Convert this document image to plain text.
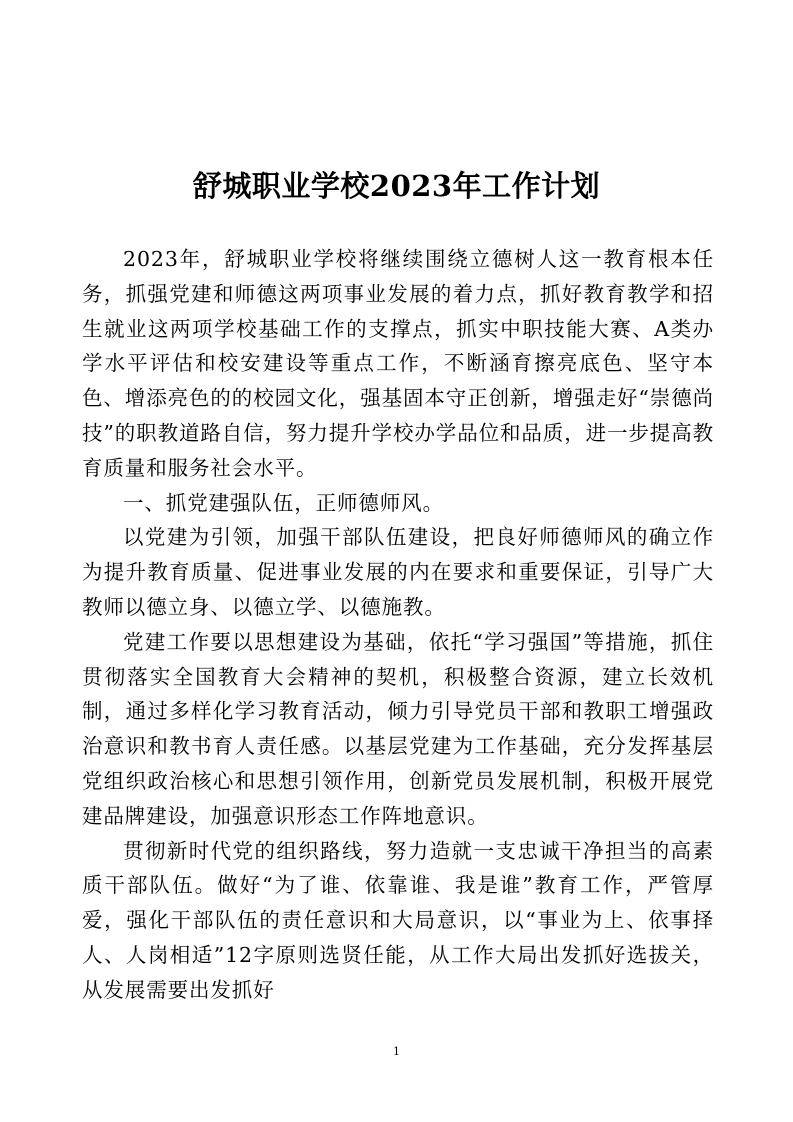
舒城职业学校2023年工作计划

2023年，舒城职业学校将继续围绕立德树人这一教育根本任务，抓强党建和师德这两项事业发展的着力点，抓好教育教学和招生就业这两项学校基础工作的支撑点，抓实中职技能大赛、A类办学水平评估和校安建设等重点工作，不断涵育擦亮底色、坚守本色、增添亮色的的校园文化，强基固本守正创新，增强走好“崇德尚技”的职教道路自信，努力提升学校办学品位和品质，进一步提高教育质量和服务社会水平。

一、抓党建强队伍，正师德师风。

以党建为引领，加强干部队伍建设，把良好师德师风的确立作为提升教育质量、促进事业发展的内在要求和重要保证，引导广大教师以德立身、以德立学、以德施教。

党建工作要以思想建设为基础，依托“学习强国”等措施，抓住贯彻落实全国教育大会精神的契机，积极整合资源，建立长效机制，通过多样化学习教育活动，倾力引导党员干部和教职工增强政治意识和教书育人责任感。以基层党建为工作基础，充分发挥基层党组织政治核心和思想引领作用，创新党员发展机制，积极开展党建品牌建设，加强意识形态工作阵地意识。

贯彻新时代党的组织路线，努力造就一支忠诚干净担当的高素质干部队伍。做好“为了谁、依靠谁、我是谁”教育工作，严管厚爱，强化干部队伍的责任意识和大局意识，以“事业为上、依事择人、人岗相适”12字原则选贤任能，从工作大局出发抓好选拔关，从发展需要出发抓好

1
